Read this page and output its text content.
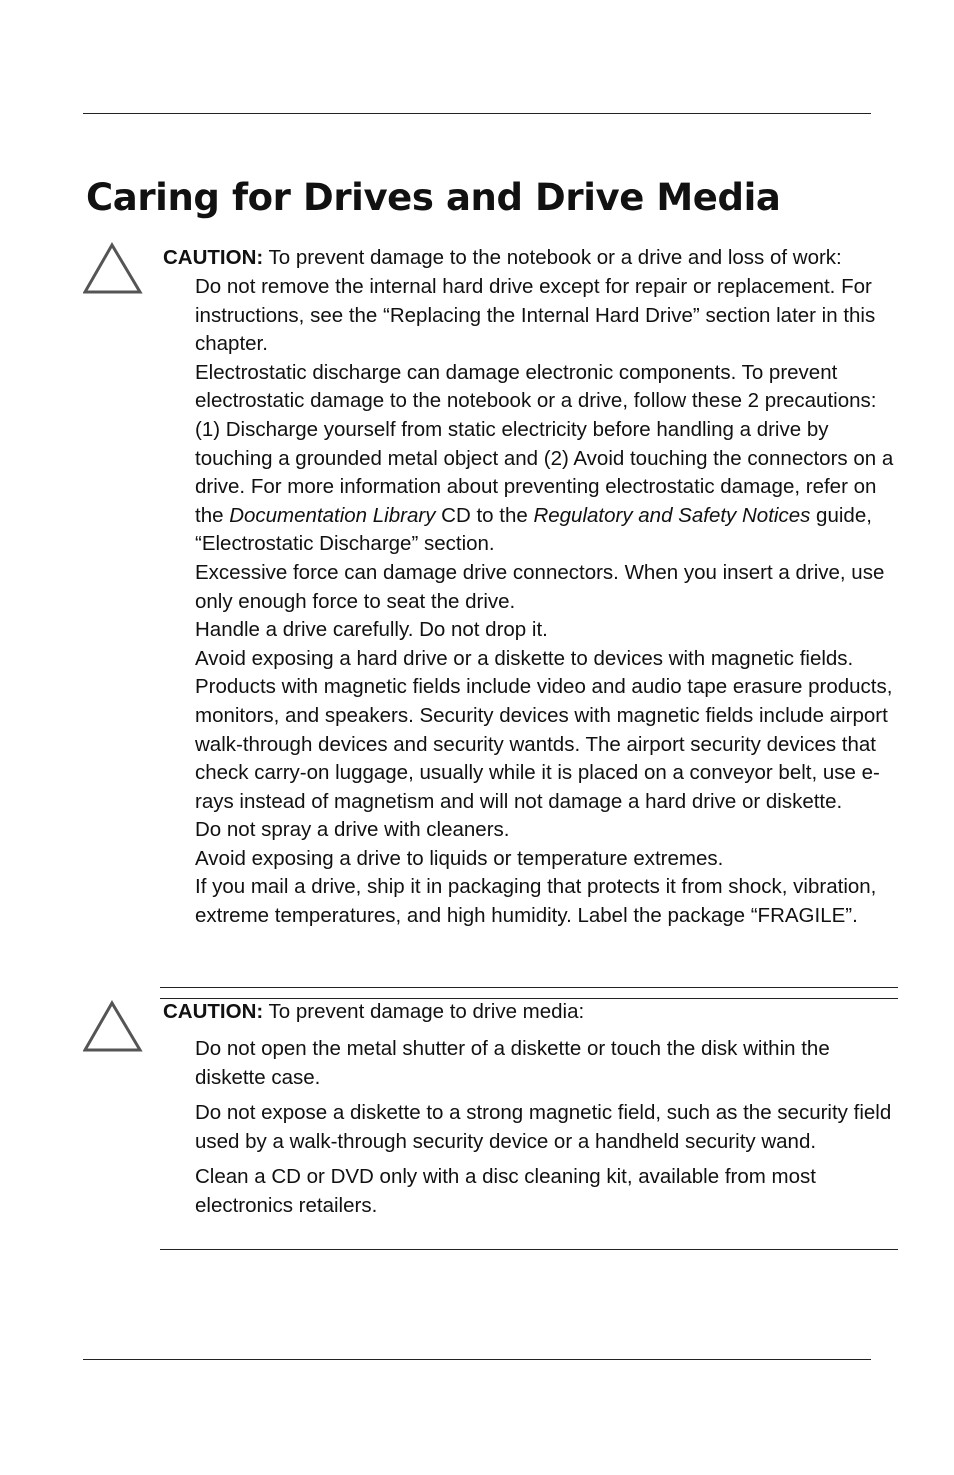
Caring for Drives and Drive Media

CAUTION: To prevent damage to the notebook or a drive and loss of work:

Do not remove the internal hard drive except for repair or replacement. For instructions, see the “Replacing the Internal Hard Drive” section later in this chapter.
Electrostatic discharge can damage electronic components. To prevent electrostatic damage to the notebook or a drive, follow these 2 precautions: (1) Discharge yourself from static electricity before handling a drive by touching a grounded metal object and (2) Avoid touching the connectors on a drive. For more information about preventing electrostatic damage, refer on the Documentation Library CD to the Regulatory and Safety Notices guide, “Electrostatic Discharge” section.
Excessive force can damage drive connectors. When you insert a drive, use only enough force to seat the drive.
Handle a drive carefully. Do not drop it.
Avoid exposing a hard drive or a diskette to devices with magnetic fields. Products with magnetic fields include video and audio tape erasure products, monitors, and speakers. Security devices with magnetic fields include airport walk-through devices and security wantds. The airport security devices that check carry-on luggage, usually while it is placed on a conveyor belt, use e-rays instead of magnetism and will not damage a hard drive or diskette.
Do not spray a drive with cleaners.
Avoid exposing a drive to liquids or temperature extremes.
If you mail a drive, ship it in packaging that protects it from shock, vibration, extreme temperatures, and high humidity. Label the package “FRAGILE”.

CAUTION: To prevent damage to drive media:

Do not open the metal shutter of a diskette or touch the disk within the diskette case.
Do not expose a diskette to a strong magnetic field, such as the security field used by a walk-through security device or a handheld security wand.
Clean a CD or DVD only with a disc cleaning kit, available from most electronics retailers.
